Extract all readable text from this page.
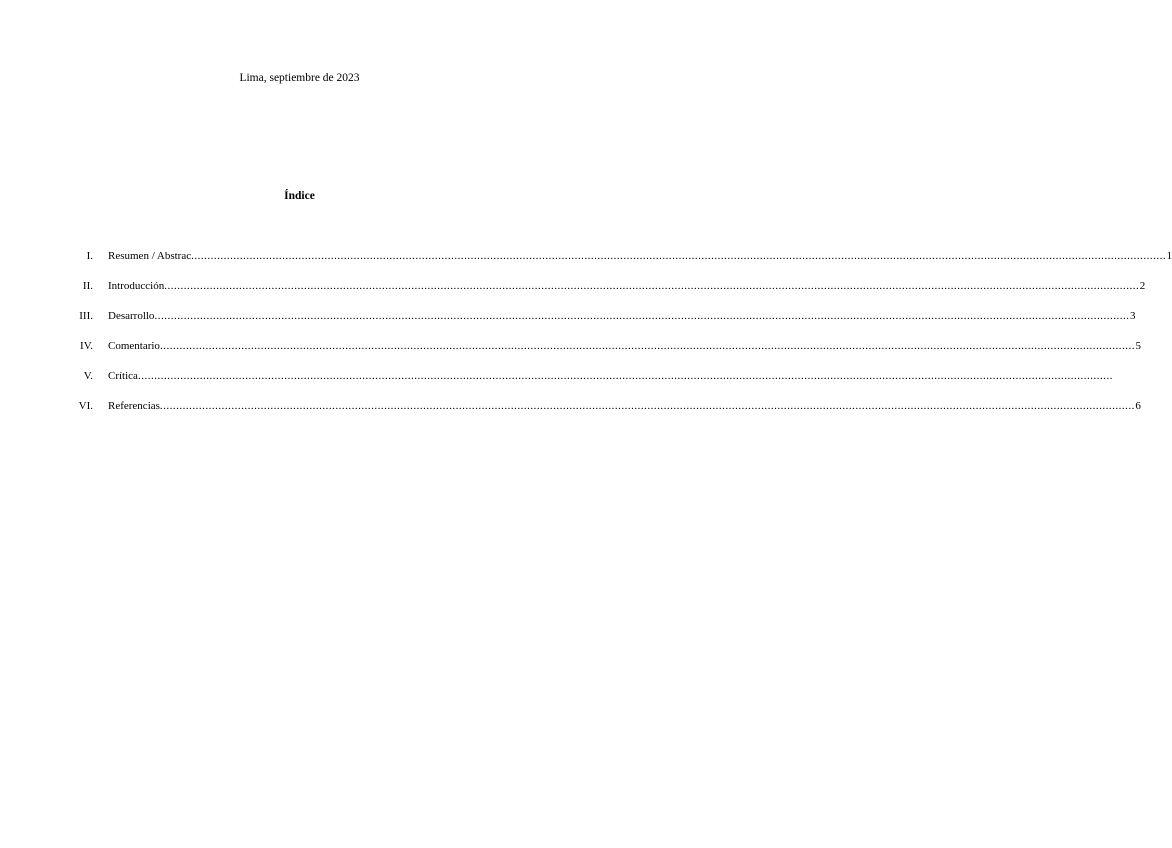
Lima, septiembre de 2023
Índice
I.	Resumen / Abstrac ............................................................................................................................................................................................................................................................................................................ 1
II.	Introducción ............................................................................................................................................................................................................................................................................................................ 2
III.	Desarrollo ............................................................................................................................................................................................................................................................................................................ 3
IV.	Comentario ............................................................................................................................................................................................................................................................................................................ 5
V.	Crítica ............................................................................................................................................................................................................................................................................................................
VI.	Referencias ............................................................................................................................................................................................................................................................................................................ 6
